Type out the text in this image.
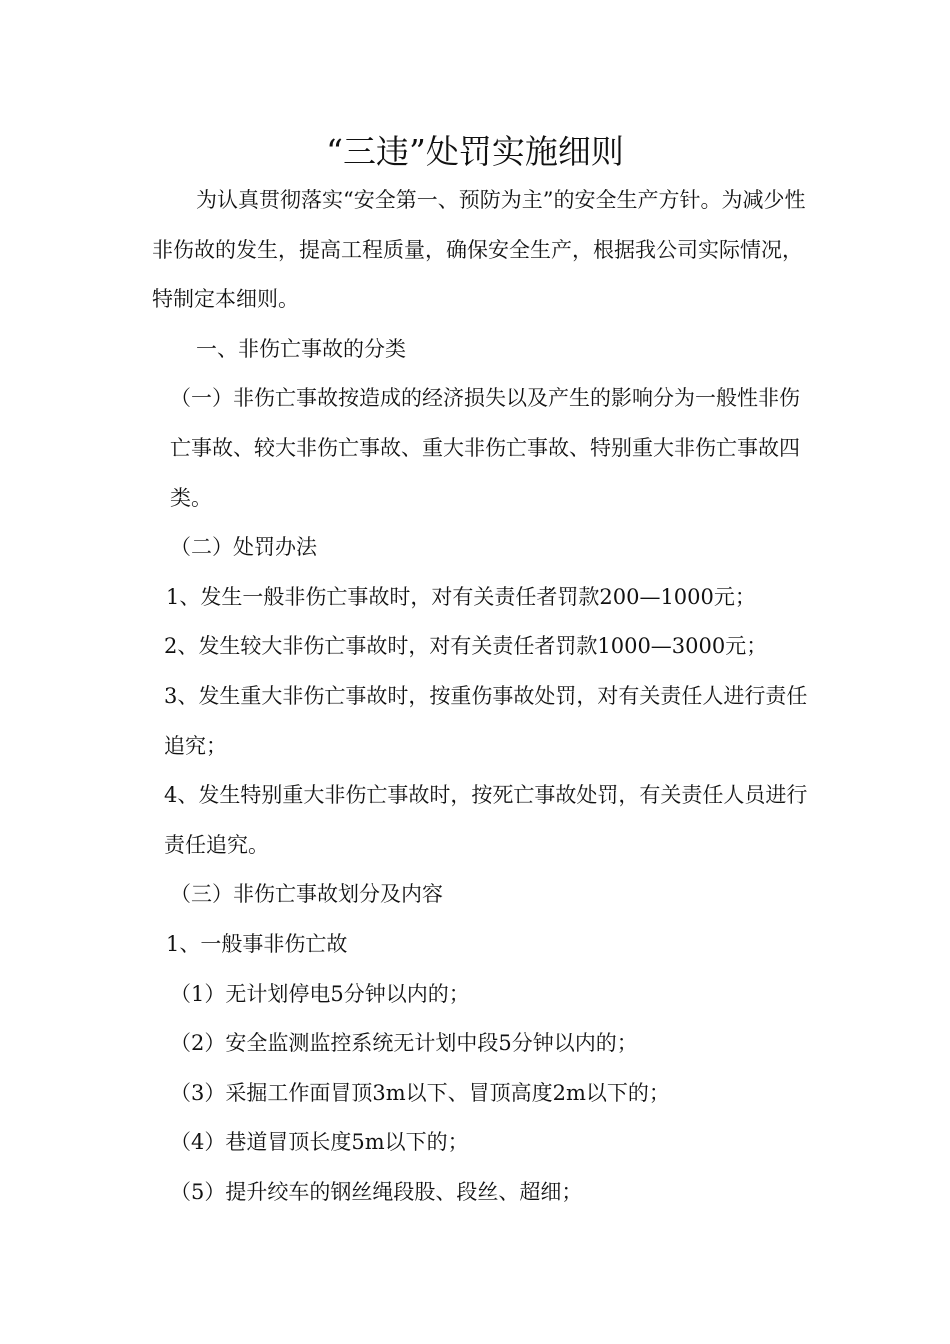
“三违”处罚实施细则

为认真贯彻落实“安全第一、预防为主”的安全生产方针。为减少性非伤故的发生，提高工程质量，确保安全生产，根据我公司实际情况，特制定本细则。

一、非伤亡事故的分类

（一）非伤亡事故按造成的经济损失以及产生的影响分为一般性非伤亡事故、较大非伤亡事故、重大非伤亡事故、特别重大非伤亡事故四类。

（二）处罚办法

1、发生一般非伤亡事故时，对有关责任者罚款200—1000元；

2、发生较大非伤亡事故时，对有关责任者罚款1000—3000元；

3、发生重大非伤亡事故时，按重伤事故处罚，对有关责任人进行责任追究；

4、发生特别重大非伤亡事故时，按死亡事故处罚，有关责任人员进行责任追究。

（三）非伤亡事故划分及内容

1、一般事非伤亡故

（1）无计划停电5分钟以内的；

（2）安全监测监控系统无计划中段5分钟以内的；

（3）采掘工作面冒顶3m以下、冒顶高度2m以下的；

（4）巷道冒顶长度5m以下的；

（5）提升绞车的钢丝绳段股、段丝、超细；
